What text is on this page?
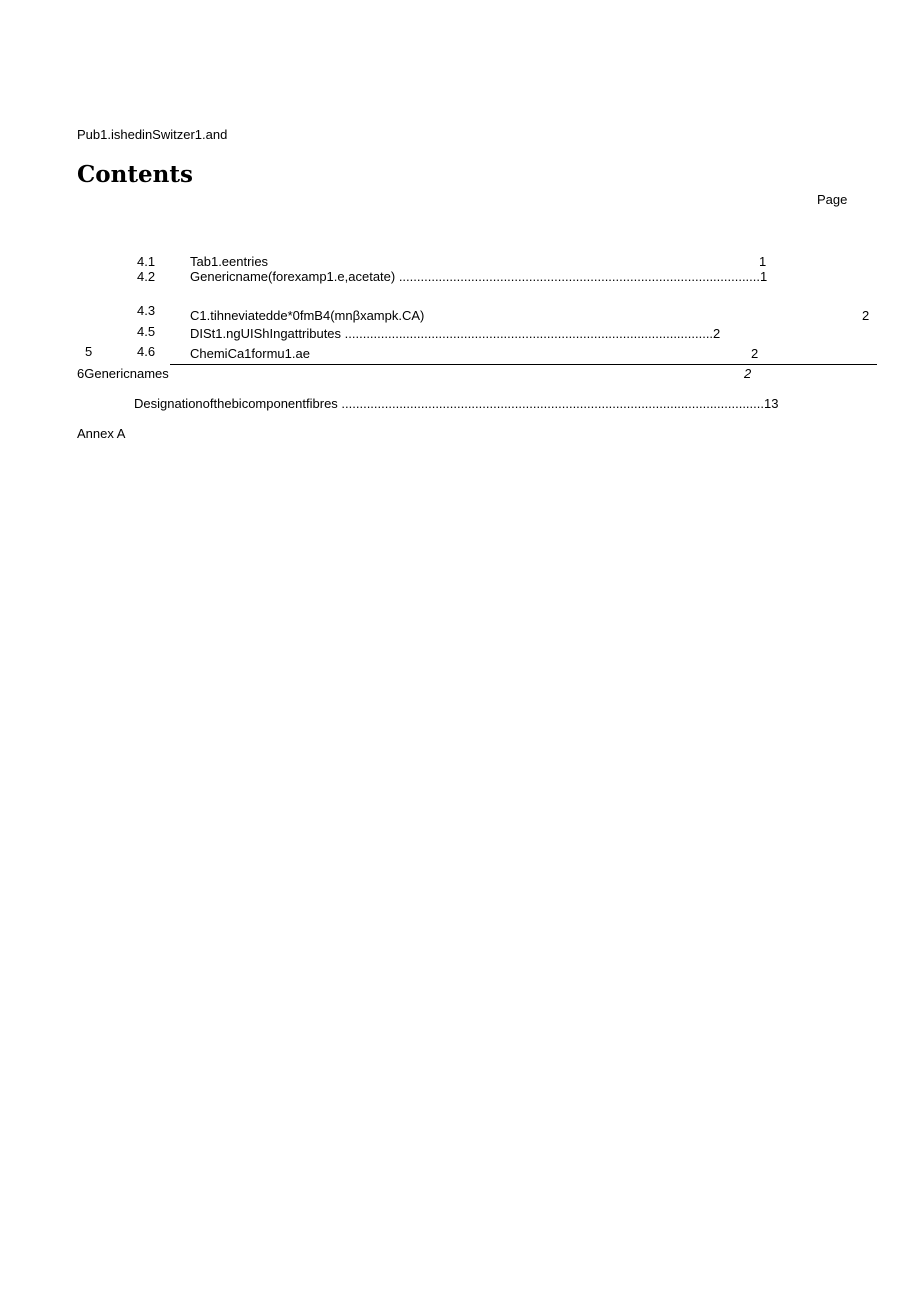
Pub1.ishedinSwitzer1.and
Contents
Page
4.1	Tab1.eentries	1
4.2	Genericname(forexamp1.e,acetate) ....................................................................................................1
4.3	C1.tihneviatedde*0fmB4(mnβxampk.CA)	2
4.5	DISt1.ngUIShIngattributes ......................................................................................................2
5	4.6	ChemiCa1formu1.ae	2
6Genericnames	2
Designationofthebicomponentfibres .....................................................................................................................13
Annex A
